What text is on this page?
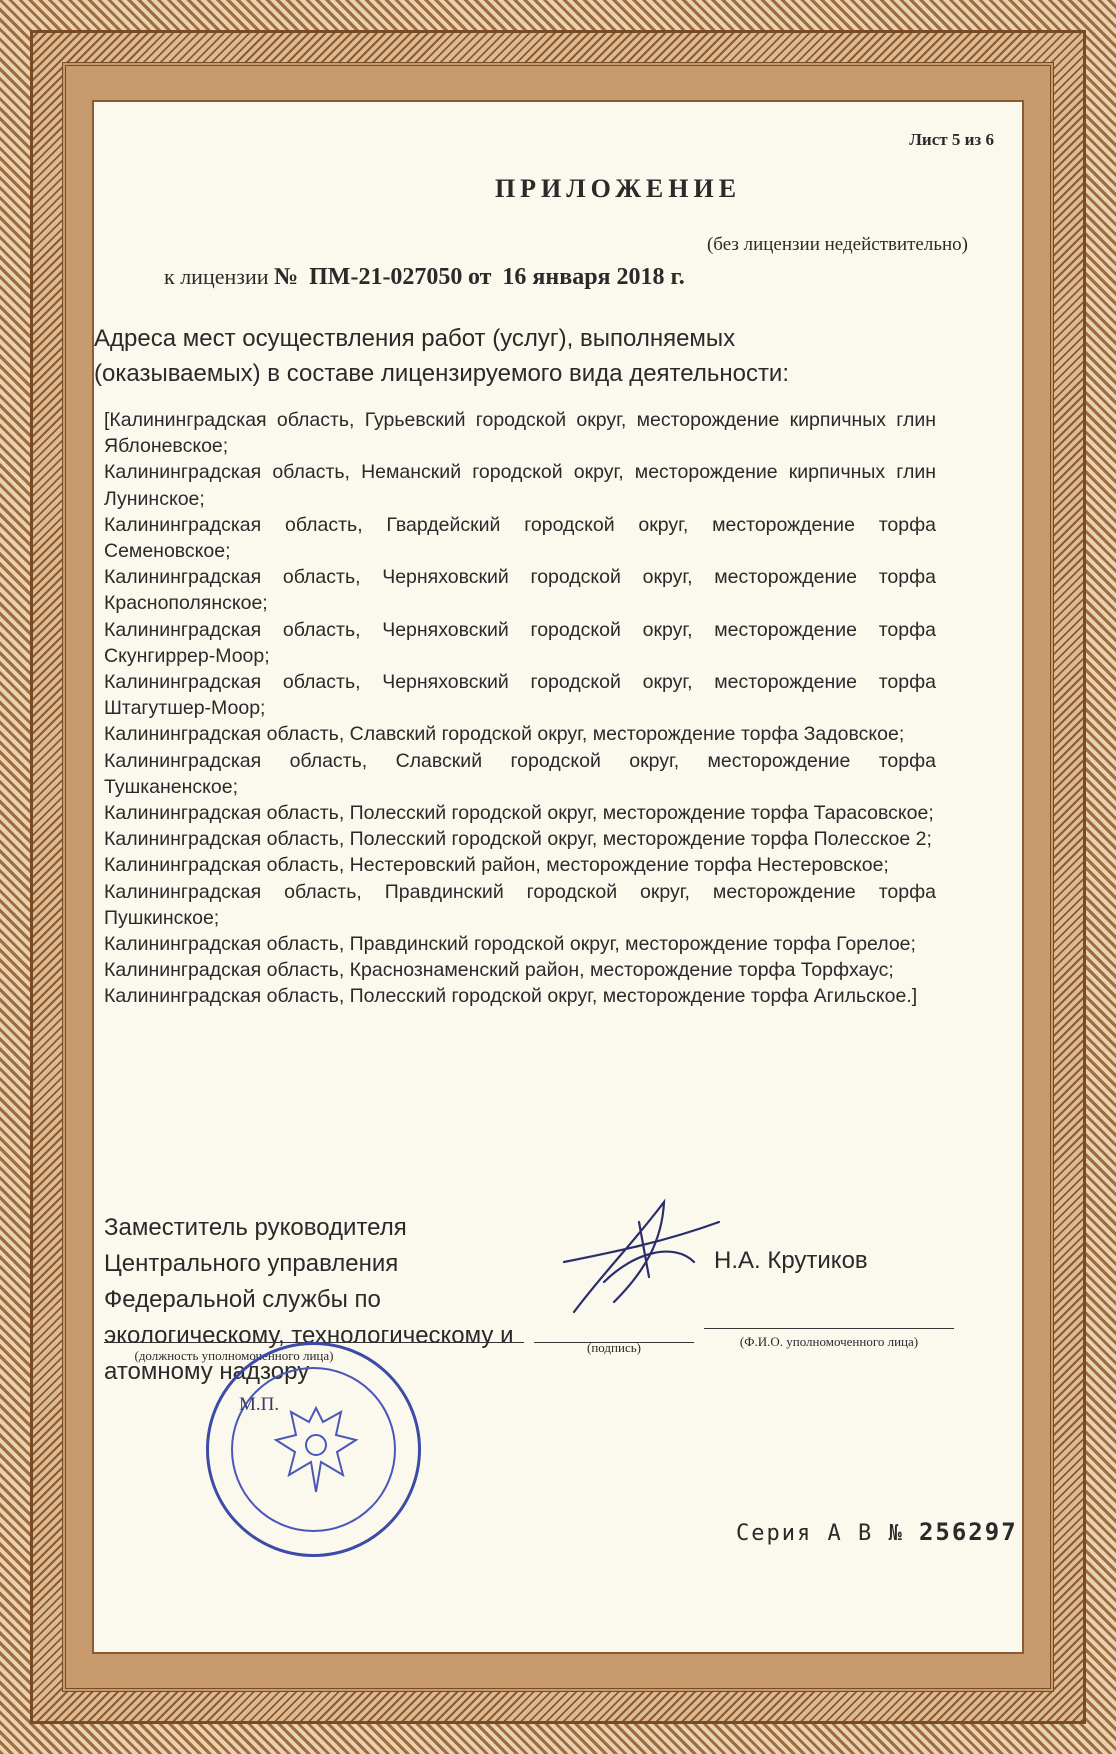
Лист 5 из 6
ПРИЛОЖЕНИЕ
(без лицензии недействительно)
к лицензии № ПМ-21-027050 от 16 января 2018 г.
Адреса мест осуществления работ (услуг), выполняемых (оказываемых) в составе лицензируемого вида деятельности:
[Калининградская область, Гурьевский городской округ, месторождение кирпичных глин Яблоневское;
Калининградская область, Неманский городской округ, месторождение кирпичных глин Лунинское;
Калининградская область, Гвардейский городской округ, месторождение торфа Семеновское;
Калининградская область, Черняховский городской округ, месторождение торфа Краснополянское;
Калининградская область, Черняховский городской округ, месторождение торфа Скунгиррер-Моор;
Калининградская область, Черняховский городской округ, месторождение торфа Штагутшер-Моор;
Калининградская область, Славский городской округ, месторождение торфа Задовское;
Калининградская область, Славский городской округ, месторождение торфа Тушканенское;
Калининградская область, Полесский городской округ, месторождение торфа Тарасовское;
Калининградская область, Полесский городской округ, месторождение торфа Полесское 2;
Калининградская область, Нестеровский район, месторождение торфа Нестеровское;
Калининградская область, Правдинский городской округ, месторождение торфа Пушкинское;
Калининградская область, Правдинский городской округ, месторождение торфа Горелое;
Калининградская область, Краснознаменский район, месторождение торфа Торфхаус;
Калининградская область, Полесский городской округ, месторождение торфа Агильское.]
Заместитель руководителя Центрального управления Федеральной службы по экологическому, технологическому и атомному надзору
Н.А. Крутиков
(должность уполномоченного лица)
(подпись)	(Ф.И.О. уполномоченного лица)
М.П.
Серия А В № 256297
